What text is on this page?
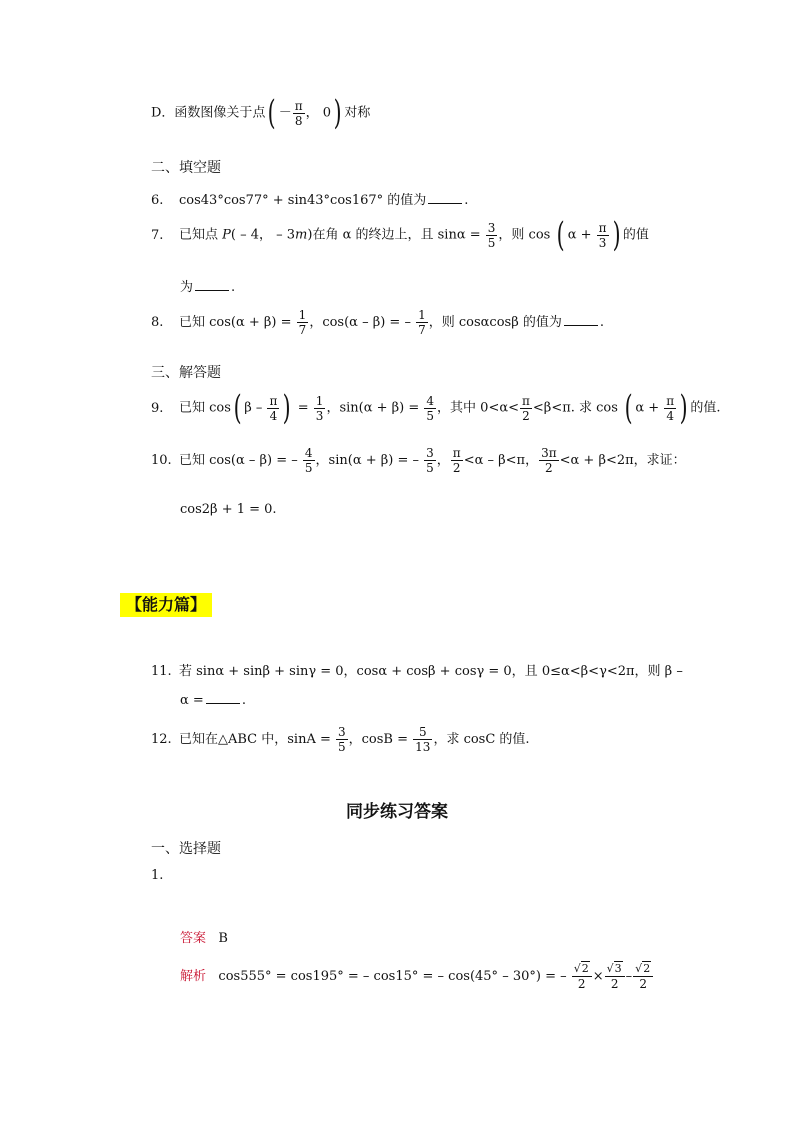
D．函数图像关于点( － $\frac{\pi}{8}$ ， 0) 对称
二、填空题
6. cos43°cos77° + sin43°cos167° 的值为	.
7. 已知点 P( – 4， – 3m)在角 α 的终边上，且 $\sin\alpha = \frac{3}{5}$ ，则 cos ( $\alpha + \frac{\pi}{3}$ ) 的值
为	.
8. 已知 $\cos(\alpha + \beta) = \frac{1}{7}$ ，cos(α – β) = – $\frac{1}{7}$ ，则 cosαcosβ 的值为	.
三、解答题
9. 已知 cos( β – $\frac{\pi}{4}$ ) = $\frac{1}{3}$ ，$\sin(\alpha + \beta) = \frac{4}{5}$ ，其中 $0<\alpha< \frac{\pi}{2} <\beta<\pi$. 求 cos ( $\alpha + \frac{\pi}{4}$ ) 的值.
10. 已知 cos(α – β) = – $\frac{4}{5}$ ，sin(α + β) = – $\frac{3}{5}$ ， $\frac{\pi}{2} <\alpha - \beta<\pi$， $\frac{3\pi}{2} <\alpha + \beta<2\pi$，求证：
cos2β + 1 = 0.
【能力篇】
11. 若 sinα + sinβ + sinγ = 0，cosα + cosβ + cosγ = 0，且 0≤α<β<γ<2π，则 β –
α =	.
12. 已知在△ABC 中，$\sin A = \frac{3}{5}$ ，$\cos B = \frac{5}{13}$ ，求 cosC 的值.
同步练习答案
一、选择题
1.
答案 B
解析 cos555° = cos195° = – cos15° = – cos(45° – 30°) = – $\frac{√2}{2} \times \frac{√3}{2} - \frac{√2}{2}$
